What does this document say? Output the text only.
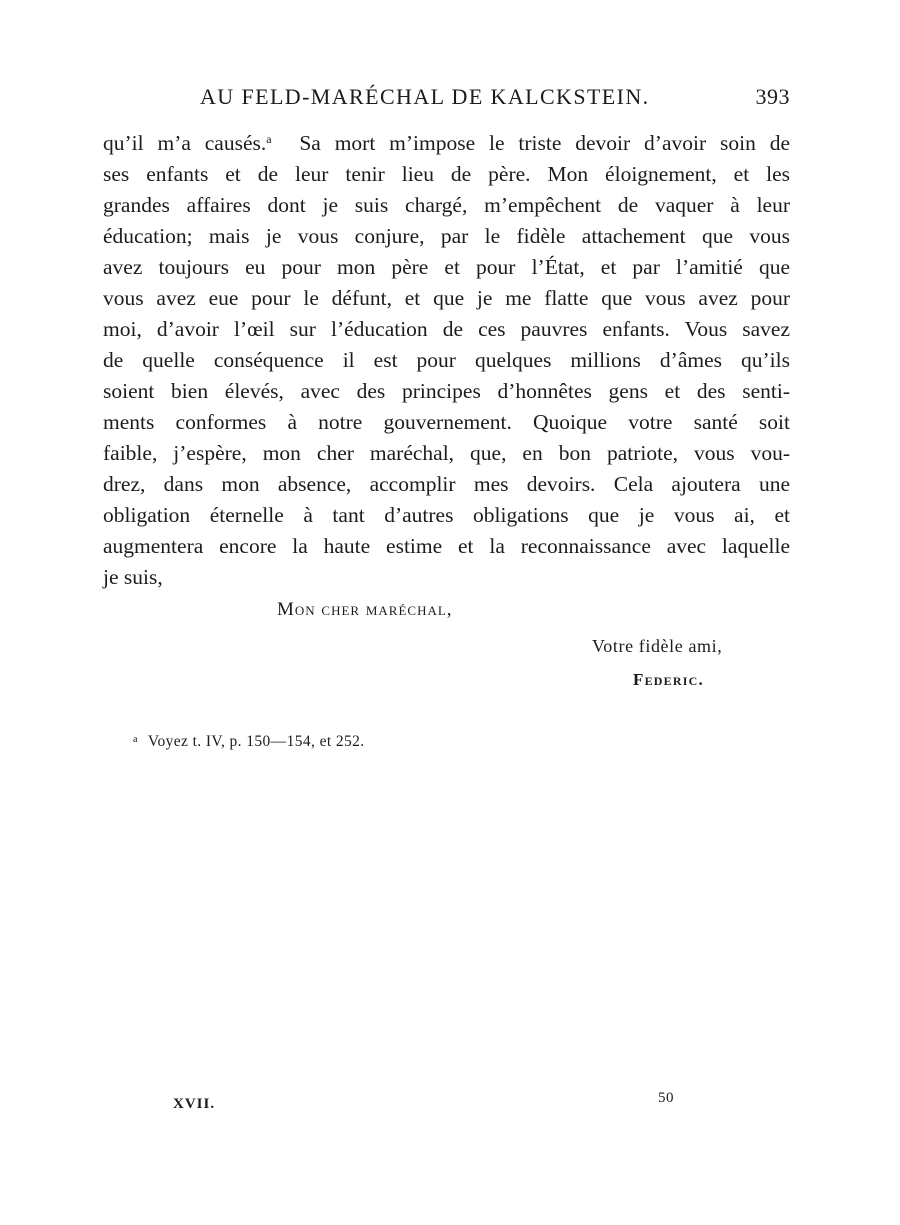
AU FELD-MARÉCHAL DE KALCKSTEIN.	393
qu’il m’a causés.$^a$ Sa mort m’impose le triste devoir d’avoir soin de
ses enfants et de leur tenir lieu de père. Mon éloignement, et les
grandes affaires dont je suis chargé, m’empêchent de vaquer à leur
éducation; mais je vous conjure, par le fidèle attachement que vous
avez toujours eu pour mon père et pour l’État, et par l’amitié que
vous avez eue pour le défunt, et que je me flatte que vous avez pour
moi, d’avoir l’œil sur l’éducation de ces pauvres enfants. Vous savez
de quelle conséquence il est pour quelques millions d’âmes qu’ils
soient bien élevés, avec des principes d’honnêtes gens et des senti-
ments conformes à notre gouvernement. Quoique votre santé soit
faible, j’espère, mon cher maréchal, que, en bon patriote, vous vou-
drez, dans mon absence, accomplir mes devoirs. Cela ajoutera une
obligation éternelle à tant d’autres obligations que je vous ai, et
augmentera encore la haute estime et la reconnaissance avec laquelle
je suis,
Mon cher maréchal,
Votre fidèle ami,
Federic.
$^a$ Voyez t. IV, p. 150—154, et 252.
XVII.	50
